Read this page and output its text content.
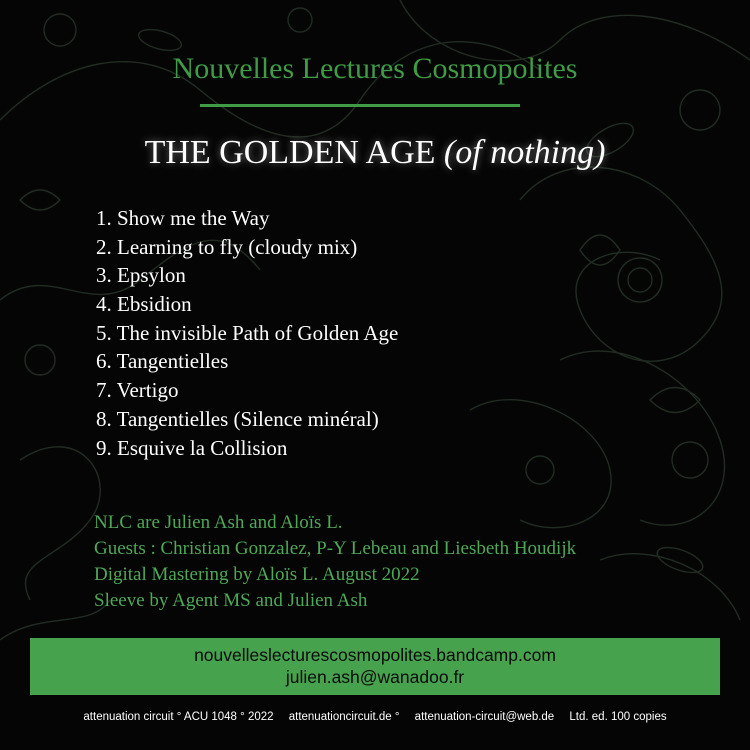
Nouvelles Lectures Cosmopolites
THE GOLDEN AGE (of nothing)
1. Show me the Way
2. Learning to fly (cloudy mix)
3. Epsylon
4. Ebsidion
5. The invisible Path of Golden Age
6. Tangentielles
7. Vertigo
8. Tangentielles (Silence minéral)
9. Esquive la Collision
NLC are Julien Ash and Aloïs L.
Guests : Christian Gonzalez, P-Y Lebeau and Liesbeth Houdijk
Digital Mastering by Aloïs L. August 2022
Sleeve by Agent MS and Julien Ash
nouvelleslecturescosmopolites.bandcamp.com
julien.ash@wanadoo.fr
attenuation circuit ° ACU 1048 ° 2022 attenuationcircuit.de ° attenuation-circuit@web.de Ltd. ed. 100 copies
